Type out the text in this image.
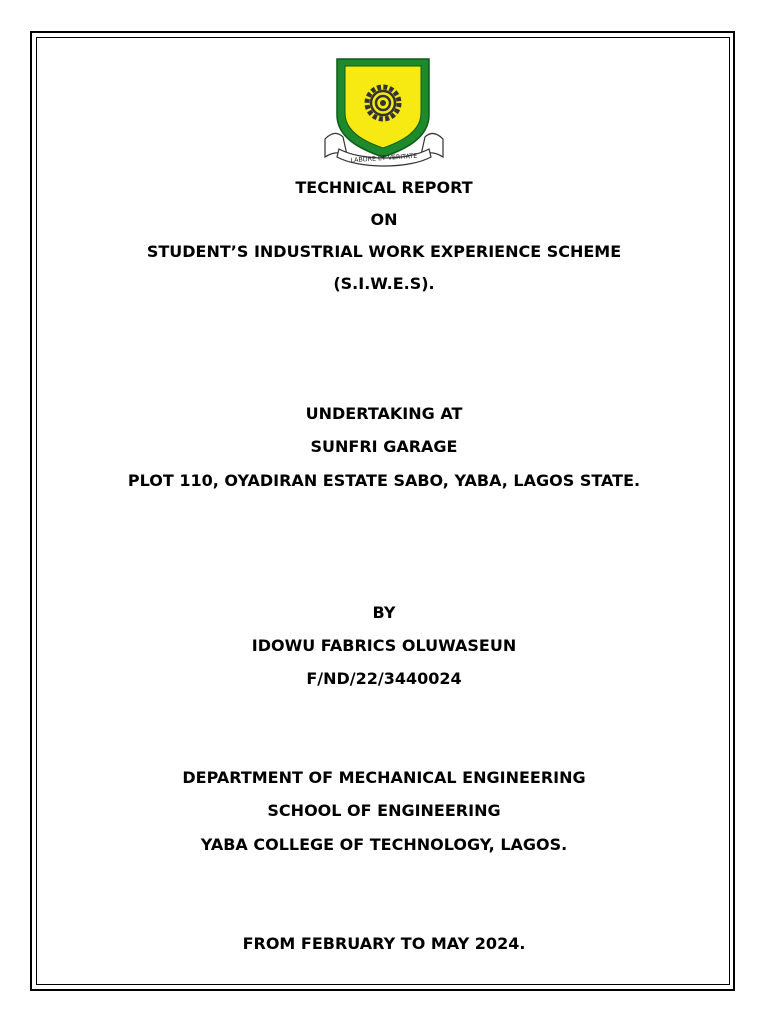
LABORE ET VERITATE
TECHNICAL REPORT
ON
STUDENT’S INDUSTRIAL WORK EXPERIENCE SCHEME
(S.I.W.E.S).
UNDERTAKING AT
SUNFRI GARAGE
PLOT 110, OYADIRAN ESTATE SABO, YABA, LAGOS STATE.
BY
IDOWU FABRICS OLUWASEUN
F/ND/22/3440024
DEPARTMENT OF MECHANICAL ENGINEERING
SCHOOL OF ENGINEERING
YABA COLLEGE OF TECHNOLOGY, LAGOS.
FROM FEBRUARY TO MAY 2024.
